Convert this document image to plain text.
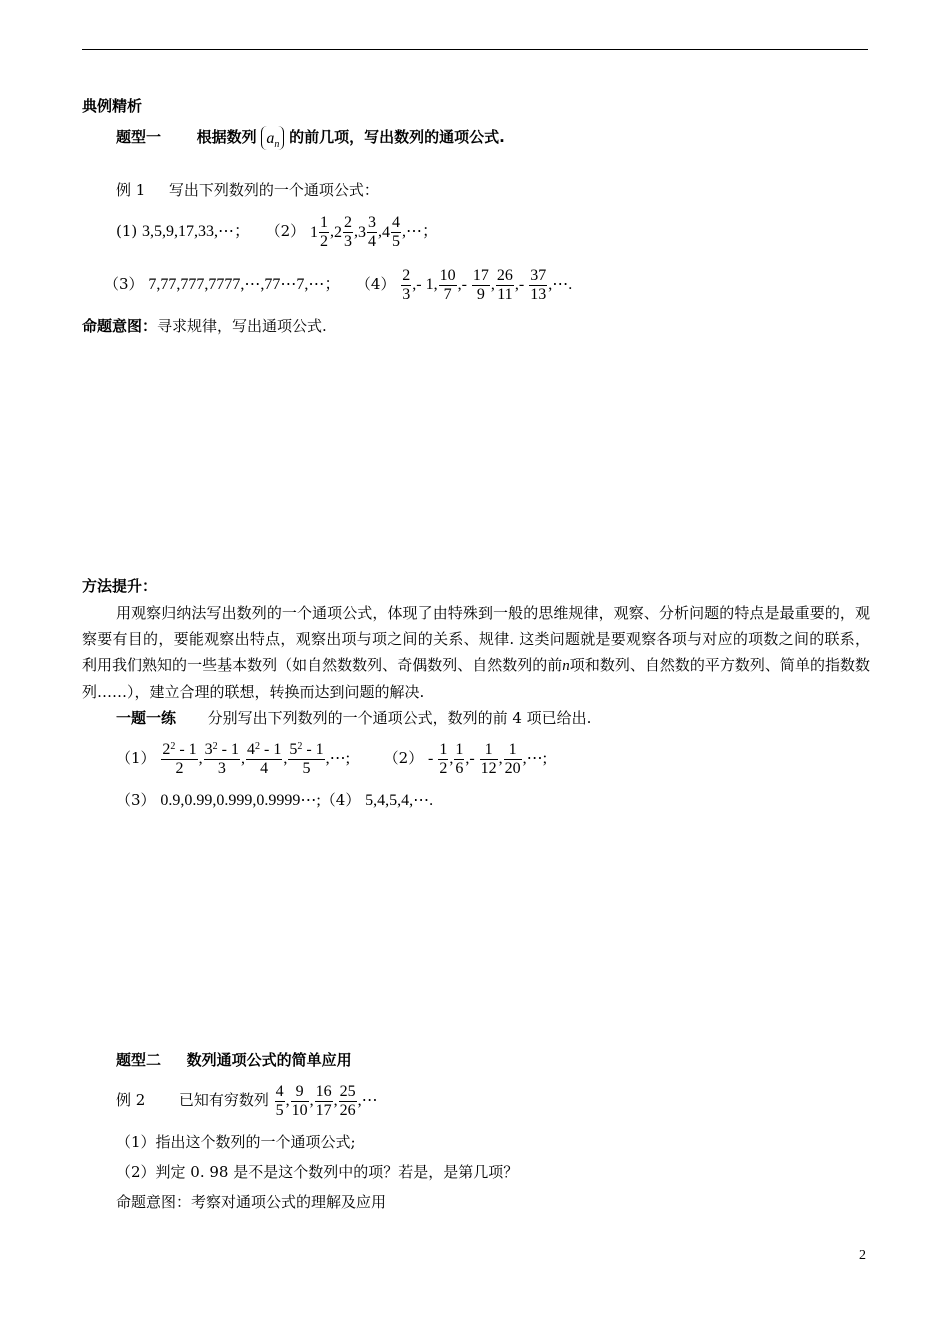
典例精析
题型一 根据数列 $a_n$ 的前几项，写出数列的通项公式.
例 1 写出下列数列的一个通项公式：
(1) 3,5,9,17,33,⋯； （2） $1 \frac{1}{2} ,2 \frac{2}{3} ,3 \frac{3}{4} ,4 \frac{4}{5}$ ,⋯；
（3） 7,77,777,7777,⋯,77⋯7,⋯； $(4) \frac{2}{3}$ ,- 1, $\frac{10}{7}$ ,- $\frac{17}{9}$ , $\frac{26}{11}$ ,- $\frac{37}{13}$ ,⋯.
命题意图：寻求规律，写出通项公式.
方法提升：
用观察归纳法写出数列的一个通项公式，体现了由特殊到一般的思维规律，观察、分析问题的特点是最重要的，观察要有目的，要能观察出特点，观察出项与项之间的关系、规律. 这类问题就是要观察各项与对应的项数之间的联系，利用我们熟知的一些基本数列（如自然数数列、奇偶数列、自然数列的前n项和数列、自然数的平方数列、简单的指数数列……），建立合理的联想，转换而达到问题的解决.
一题一练 分别写出下列数列的一个通项公式，数列的前 4 项已给出.
$(1) \frac{2^2 - 1}{2}$ , $\frac{3^2 - 1}{3}$ , $\frac{4^2 - 1}{4}$ , $\frac{5^2 - 1}{5}$ ,⋯; $(2) - \frac{1}{2}$ , $\frac{1}{6}$ ,- $\frac{1}{12}$ , $\frac{1}{20}$ ,⋯;
（3） 0.9,0.99,0.999,0.9999⋯;（4） 5,4,5,4,⋯.
题型二 数列通项公式的简单应用
例 2 已知有穷数列 $\frac{4}{5}$ , $\frac{9}{10}$ , $\frac{16}{17}$ , $\frac{25}{26}$ ,⋯
（1）指出这个数列的一个通项公式;
（2）判定 0. 98 是不是这个数列中的项？若是，是第几项？
命题意图：考察对通项公式的理解及应用
2
